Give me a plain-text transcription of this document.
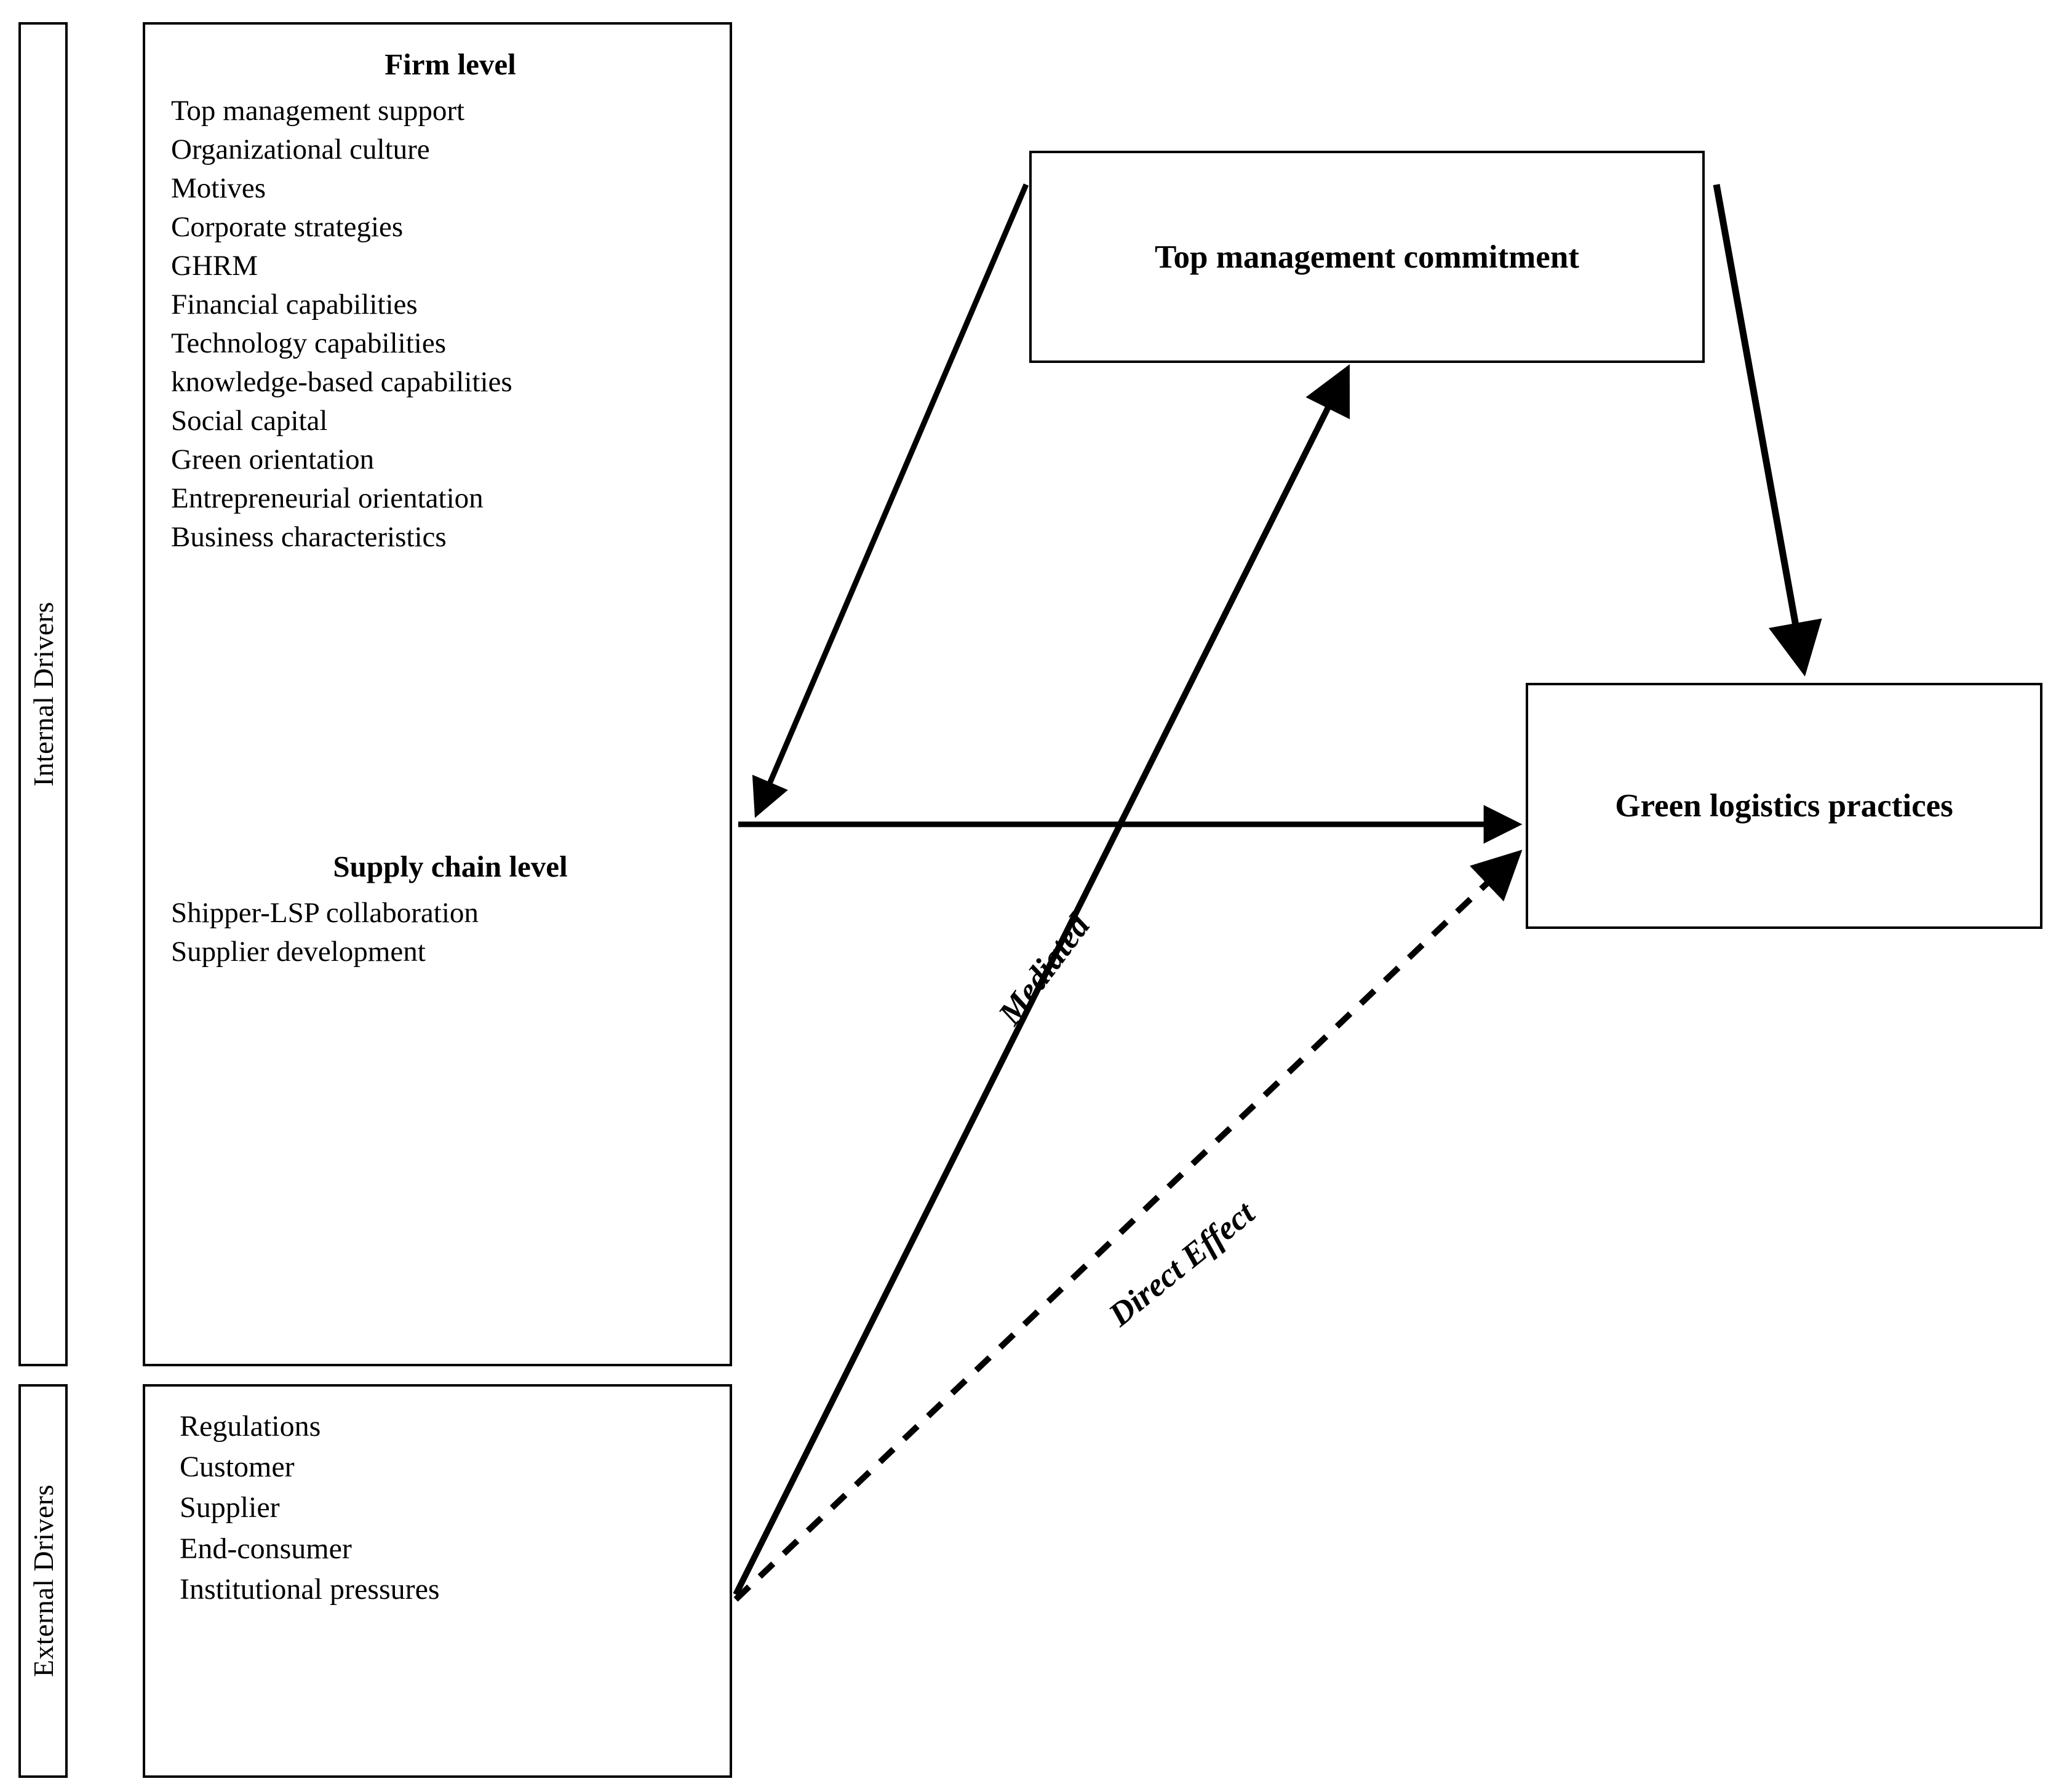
Internal Drivers
Firm level
Top management support
Organizational culture
Motives
Corporate strategies
GHRM
Financial capabilities
Technology capabilities
knowledge-based capabilities
Social capital
Green orientation
Entrepreneurial orientation
Business characteristics
Supply chain level
Shipper-LSP collaboration
Supplier development
External Drivers
Regulations
Customer
Supplier
End-consumer
Institutional pressures
Top management commitment
Green logistics practices
Mediated
Direct Effect
